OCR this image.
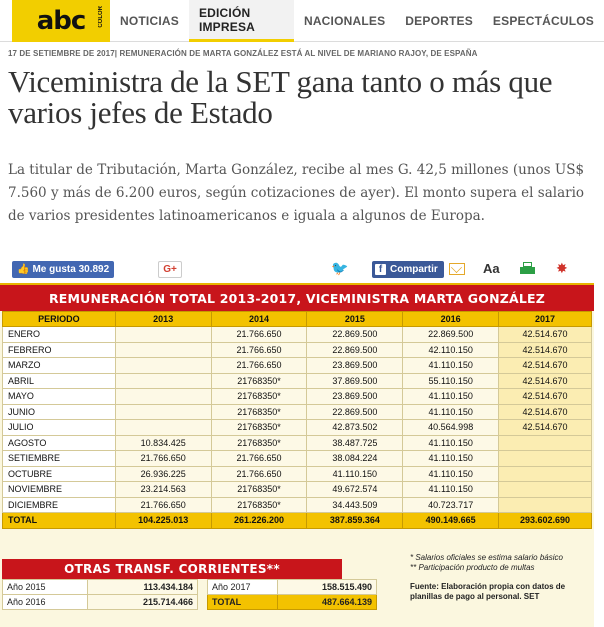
abc COLOR	NOTICIAS
EDICIÓN IMPRESA	NACIONALES	DEPORTES	ESPECTÁCULOS
17 DE SETIEMBRE DE 2017| REMUNERACIÓN DE MARTA GONZÁLEZ ESTÁ AL NIVEL DE MARIANO RAJOY, DE ESPAÑA
Viceministra de la SET gana tanto o más que varios jefes de Estado

La titular de Tributación, Marta González, recibe al mes G. 42,5 millones (unos US$ 7.560 y más de 6.200 euros, según cotizaciones de ayer). El monto supera el salario de varios presidentes latinoamericanos e iguala a algunos de Europa.

👍 Me gusta 30.892	G+	🐦	f Compartir	Aa	✸
REMUNERACIÓN TOTAL 2013-2017, VICEMINISTRA MARTA GONZÁLEZ
PERIODO	2013	2014	2015	2016	2017
ENERO		21.766.650	22.869.500	22.869.500	42.514.670
FEBRERO		21.766.650	22.869.500	42.110.150	42.514.670
MARZO		21.766.650	23.869.500	41.110.150	42.514.670
ABRIL		21768350*	37.869.500	55.110.150	42.514.670
MAYO		21768350*	23.869.500	41.110.150	42.514.670
JUNIO		21768350*	22.869.500	41.110.150	42.514.670
JULIO		21768350*	42.873.502	40.564.998	42.514.670
AGOSTO	10.834.425	21768350*	38.487.725	41.110.150	
SETIEMBRE	21.766.650	21.766.650	38.084.224	41.110.150	
OCTUBRE	26.936.225	21.766.650	41.110.150	41.110.150	
NOVIEMBRE	23.214.563	21768350*	49.672.574	41.110.150	
DICIEMBRE	21.766.650	21768350*	34.443.509	40.723.717	
TOTAL	104.225.013	261.226.200	387.859.364	490.149.665	293.602.690
OTRAS TRANSF. CORRIENTES**
Año 2015	113.434.184
Año 2016	215.714.466
Año 2017	158.515.490
TOTAL	487.664.139
* Salarios oficiales se estima salario básico
** Participación producto de multas
Fuente: Elaboración propia con datos de planillas de pago al personal. SET
